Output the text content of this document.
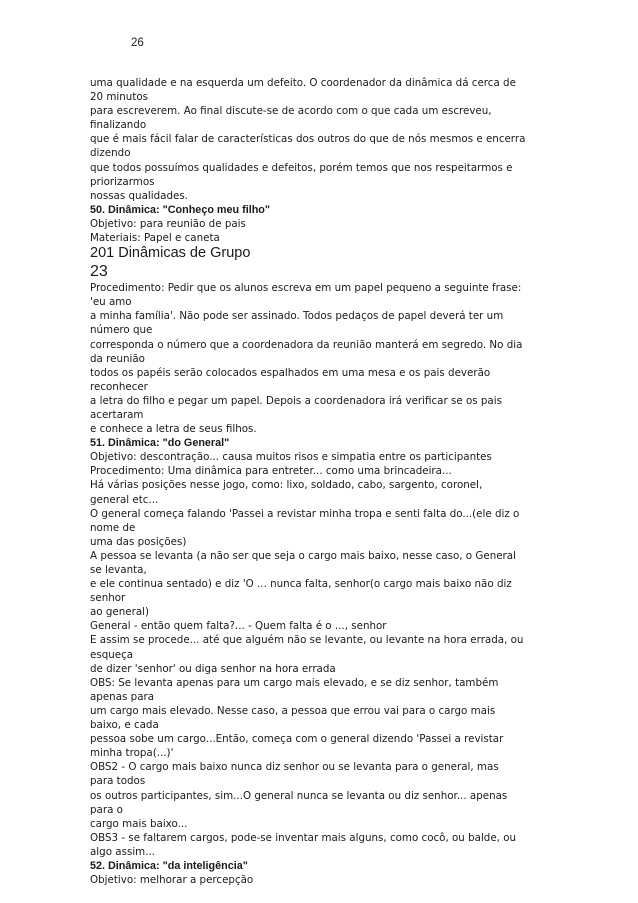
26

uma qualidade e na esquerda um defeito. O coordenador da dinâmica dá cerca de

20 minutos

para escreverem. Ao final discute-se de acordo com o que cada um escreveu,

finalizando

que é mais fácil falar de características dos outros do que de nós mesmos e encerra

dizendo

que todos possuímos qualidades e defeitos, porém temos que nos respeitarmos e

priorizarmos

nossas qualidades.

50. Dinâmica: "Conheço meu filho"

Objetivo: para reunião de pais

Materiais: Papel e caneta

201 Dinâmicas de Grupo

23

Procedimento: Pedir que os alunos escreva em um papel pequeno a seguinte frase:

'eu amo

a minha família'. Não pode ser assinado. Todos pedaços de papel deverá ter um

número que

corresponda o número que a coordenadora da reunião manterá em segredo. No dia

da reunião

todos os papéis serão colocados espalhados em uma mesa e os pais deverão

reconhecer

a letra do filho e pegar um papel. Depois a coordenadora irá verificar se os pais

acertaram

e conhece a letra de seus filhos.

51. Dinâmica: "do General"

Objetivo: descontração... causa muitos risos e simpatia entre os participantes

Procedimento: Uma dinâmica para entreter... como uma brincadeira...

Há várias posições nesse jogo, como: lixo, soldado, cabo, sargento, coronel,

general etc...

O general começa falando 'Passei a revistar minha tropa e senti falta do...(ele diz o

nome de

uma das posições)

A pessoa se levanta (a não ser que seja o cargo mais baixo, nesse caso, o General

se levanta,

e ele continua sentado) e diz 'O ... nunca falta, senhor(o cargo mais baixo não diz

senhor

ao general)

General - então quem falta?... - Quem falta é o ..., senhor

E assim se procede... até que alguém não se levante, ou levante na hora errada, ou

esqueça

de dizer 'senhor' ou diga senhor na hora errada

OBS: Se levanta apenas para um cargo mais elevado, e se diz senhor, também

apenas para

um cargo mais elevado. Nesse caso, a pessoa que errou vai para o cargo mais

baixo, e cada

pessoa sobe um cargo...Então, começa com o general dizendo 'Passei a revistar

minha tropa(...)'

OBS2 - O cargo mais baixo nunca diz senhor ou se levanta para o general, mas

para todos

os outros participantes, sim...O general nunca se levanta ou diz senhor... apenas

para o

cargo mais baixo...

OBS3 - se faltarem cargos, pode-se inventar mais alguns, como cocô, ou balde, ou

algo assim...

52. Dinâmica: "da inteligência"

Objetivo: melhorar a percepção
